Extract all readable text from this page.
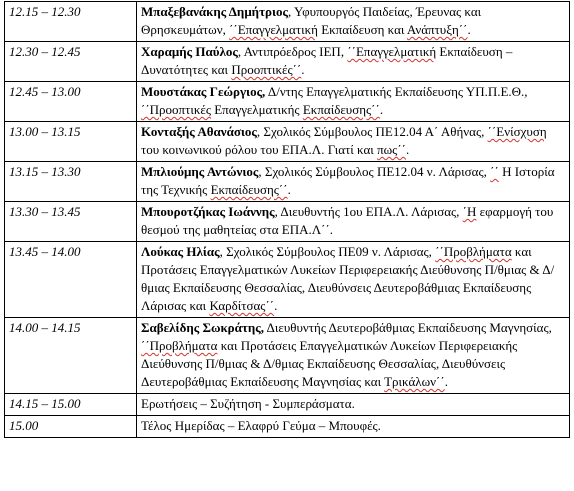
12.15 – 12.30	Μπαξεβανάκης Δημήτριος, Υφυπουργός Παιδείας, Έρευνας και Θρησκευμάτων, ΄΄Επαγγελματική Εκπαίδευση και Ανάπτυξη΄΄.
12.30 – 12.45	Χαραμής Παύλος, Αντιπρόεδρος ΙΕΠ, ΄΄Επαγγελματική Εκπαίδευση – Δυνατότητες και Προοπτικές΄΄.
12.45 – 13.00	Μουστάκας Γεώργιος, Δ/ντης Επαγγελματικής Εκπαίδευσης ΥΠ.Π.Ε.Θ., ΄΄Προοπτικές Επαγγελματικής Εκπαίδευσης΄΄.
13.00 – 13.15	Κονταξής Αθανάσιος, Σχολικός Σύμβουλος ΠΕ12.04 Α΄ Αθήνας, ΄΄Ενίσχυση του κοινωνικού ρόλου του ΕΠΑ.Λ. Γιατί και πως΄΄.
13.15 – 13.30	Μπλιούμης Αντώνιος, Σχολικός Σύμβουλος ΠΕ12.04 ν. Λάρισας, ΄΄ Η Ιστορία της Τεχνικής Εκπαίδευσης΄΄.
13.30 – 13.45	Μπουροτζήκας Ιωάννης, Διευθυντής 1ου ΕΠΑ.Λ. Λάρισας, ΄Η εφαρμογή του θεσμού της μαθητείας στα ΕΠΑ.Λ΄΄.
13.45 – 14.00	Λούκας Ηλίας, Σχολικός Σύμβουλος ΠΕ09 ν. Λάρισας, ΄΄Προβλήματα και Προτάσεις Επαγγελματικών Λυκείων Περιφερειακής Διεύθυνσης Π/θμιας & Δ/θμιας Εκπαίδευσης Θεσσαλίας, Διευθύνσεις Δευτεροβάθμιας Εκπαίδευσης Λάρισας και Καρδίτσας΄΄.
14.00 – 14.15	Σαβελίδης Σωκράτης, Διευθυντής Δευτεροβάθμιας Εκπαίδευσης Μαγνησίας, ΄΄Προβλήματα και Προτάσεις Επαγγελματικών Λυκείων Περιφερειακής Διεύθυνσης Π/θμιας & Δ/θμιας Εκπαίδευσης Θεσσαλίας, Διευθύνσεις Δευτεροβάθμιας Εκπαίδευσης Μαγνησίας και Τρικάλων΄΄.
14.15 – 15.00	Ερωτήσεις – Συζήτηση - Συμπεράσματα.
15.00	Τέλος Ημερίδας – Ελαφρύ Γεύμα – Μπουφές.
